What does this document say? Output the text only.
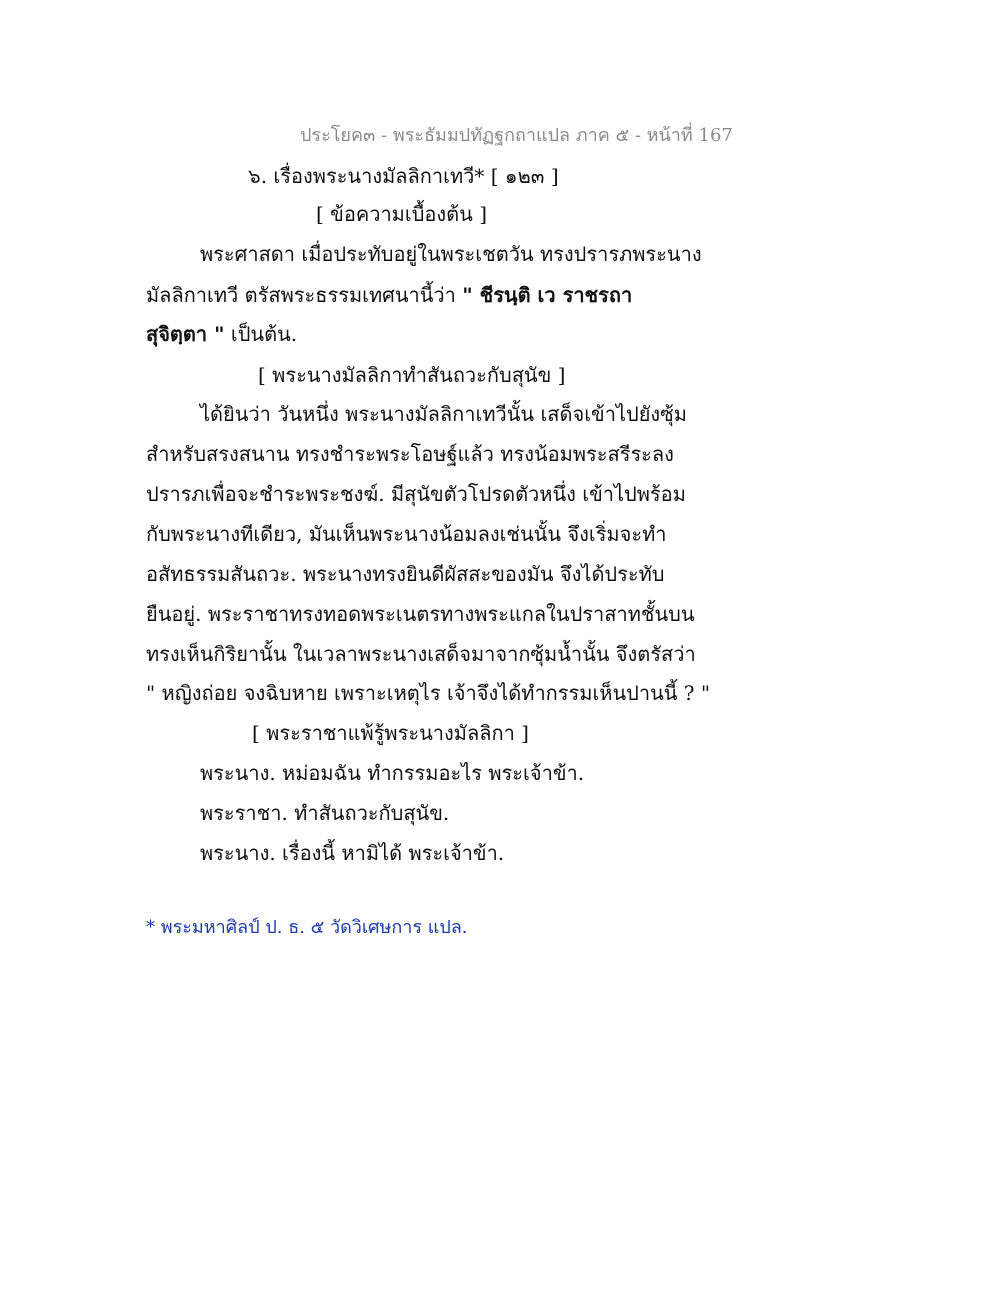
ประโยค๓ - พระธัมมปทัฏฐกถาแปล ภาค ๕ - หน้าที่ 167
๖. เรื่องพระนางมัลลิกาเทวี* [ ๑๒๓ ]
[ ข้อความเบื้องต้น ]
พระศาสดา เมื่อประทับอยู่ในพระเชตวัน ทรงปรารภพระนาง
มัลลิกาเทวี ตรัสพระธรรมเทศนานี้ว่า " ชีรนฺติ เว ราชรถา
สุจิตฺตา " เป็นต้น.
[ พระนางมัลลิกาทำสันถวะกับสุนัข ]
ได้ยินว่า วันหนึ่ง พระนางมัลลิกาเทวีนั้น เสด็จเข้าไปยังซุ้ม
สำหรับสรงสนาน ทรงชำระพระโอษฐ์แล้ว ทรงน้อมพระสรีระลง
ปรารภเพื่อจะชำระพระชงฆ์. มีสุนัขตัวโปรดตัวหนึ่ง เข้าไปพร้อม
กับพระนางทีเดียว, มันเห็นพระนางน้อมลงเช่นนั้น จึงเริ่มจะทำ
อสัทธรรมสันถวะ. พระนางทรงยินดีผัสสะของมัน จึงได้ประทับ
ยืนอยู่. พระราชาทรงทอดพระเนตรทางพระแกลในปราสาทชั้นบน
ทรงเห็นกิริยานั้น ในเวลาพระนางเสด็จมาจากซุ้มน้ำนั้น จึงตรัสว่า
" หญิงถ่อย จงฉิบหาย เพราะเหตุไร เจ้าจึงได้ทำกรรมเห็นปานนี้ ? "
[ พระราชาแพ้รู้พระนางมัลลิกา ]
พระนาง. หม่อมฉัน ทำกรรมอะไร พระเจ้าข้า.
พระราชา. ทำสันถวะกับสุนัข.
พระนาง. เรื่องนี้ หามิได้ พระเจ้าข้า.
* พระมหาศิลป์ ป. ธ. ๕ วัดวิเศษการ แปล.
